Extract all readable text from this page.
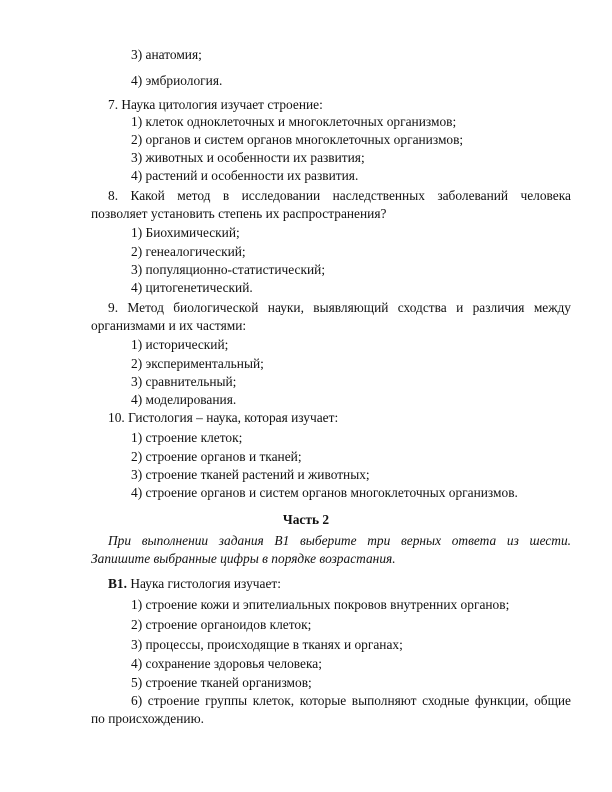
3) анатомия;
4) эмбриология.
7. Наука цитология изучает строение:
1) клеток одноклеточных и многоклеточных организмов;
2) органов и систем органов многоклеточных организмов;
3) животных и особенности их развития;
4) растений и особенности их развития.
8. Какой метод в исследовании наследственных заболеваний человека
позволяет установить степень их распространения?
1) Биохимический;
2) генеалогический;
3) популяционно-статистический;
4) цитогенетический.
9. Метод биологической науки, выявляющий сходства и различия между
организмами и их частями:
1) исторический;
2) экспериментальный;
3) сравнительный;
4) моделирования.
10. Гистология – наука, которая изучает:
1) строение клеток;
2) строение органов и тканей;
3) строение тканей растений и животных;
4) строение органов и систем органов многоклеточных организмов.
Часть 2
При выполнении задания В1 выберите три верных ответа из шести.
Запишите выбранные цифры в порядке возрастания.
В1. Наука гистология изучает:
1) строение кожи и эпителиальных покровов внутренних органов;
2) строение органоидов клеток;
3) процессы, происходящие в тканях и органах;
4) сохранение здоровья человека;
5) строение тканей организмов;
6) строение группы клеток, которые выполняют сходные функции, общие
по происхождению.
